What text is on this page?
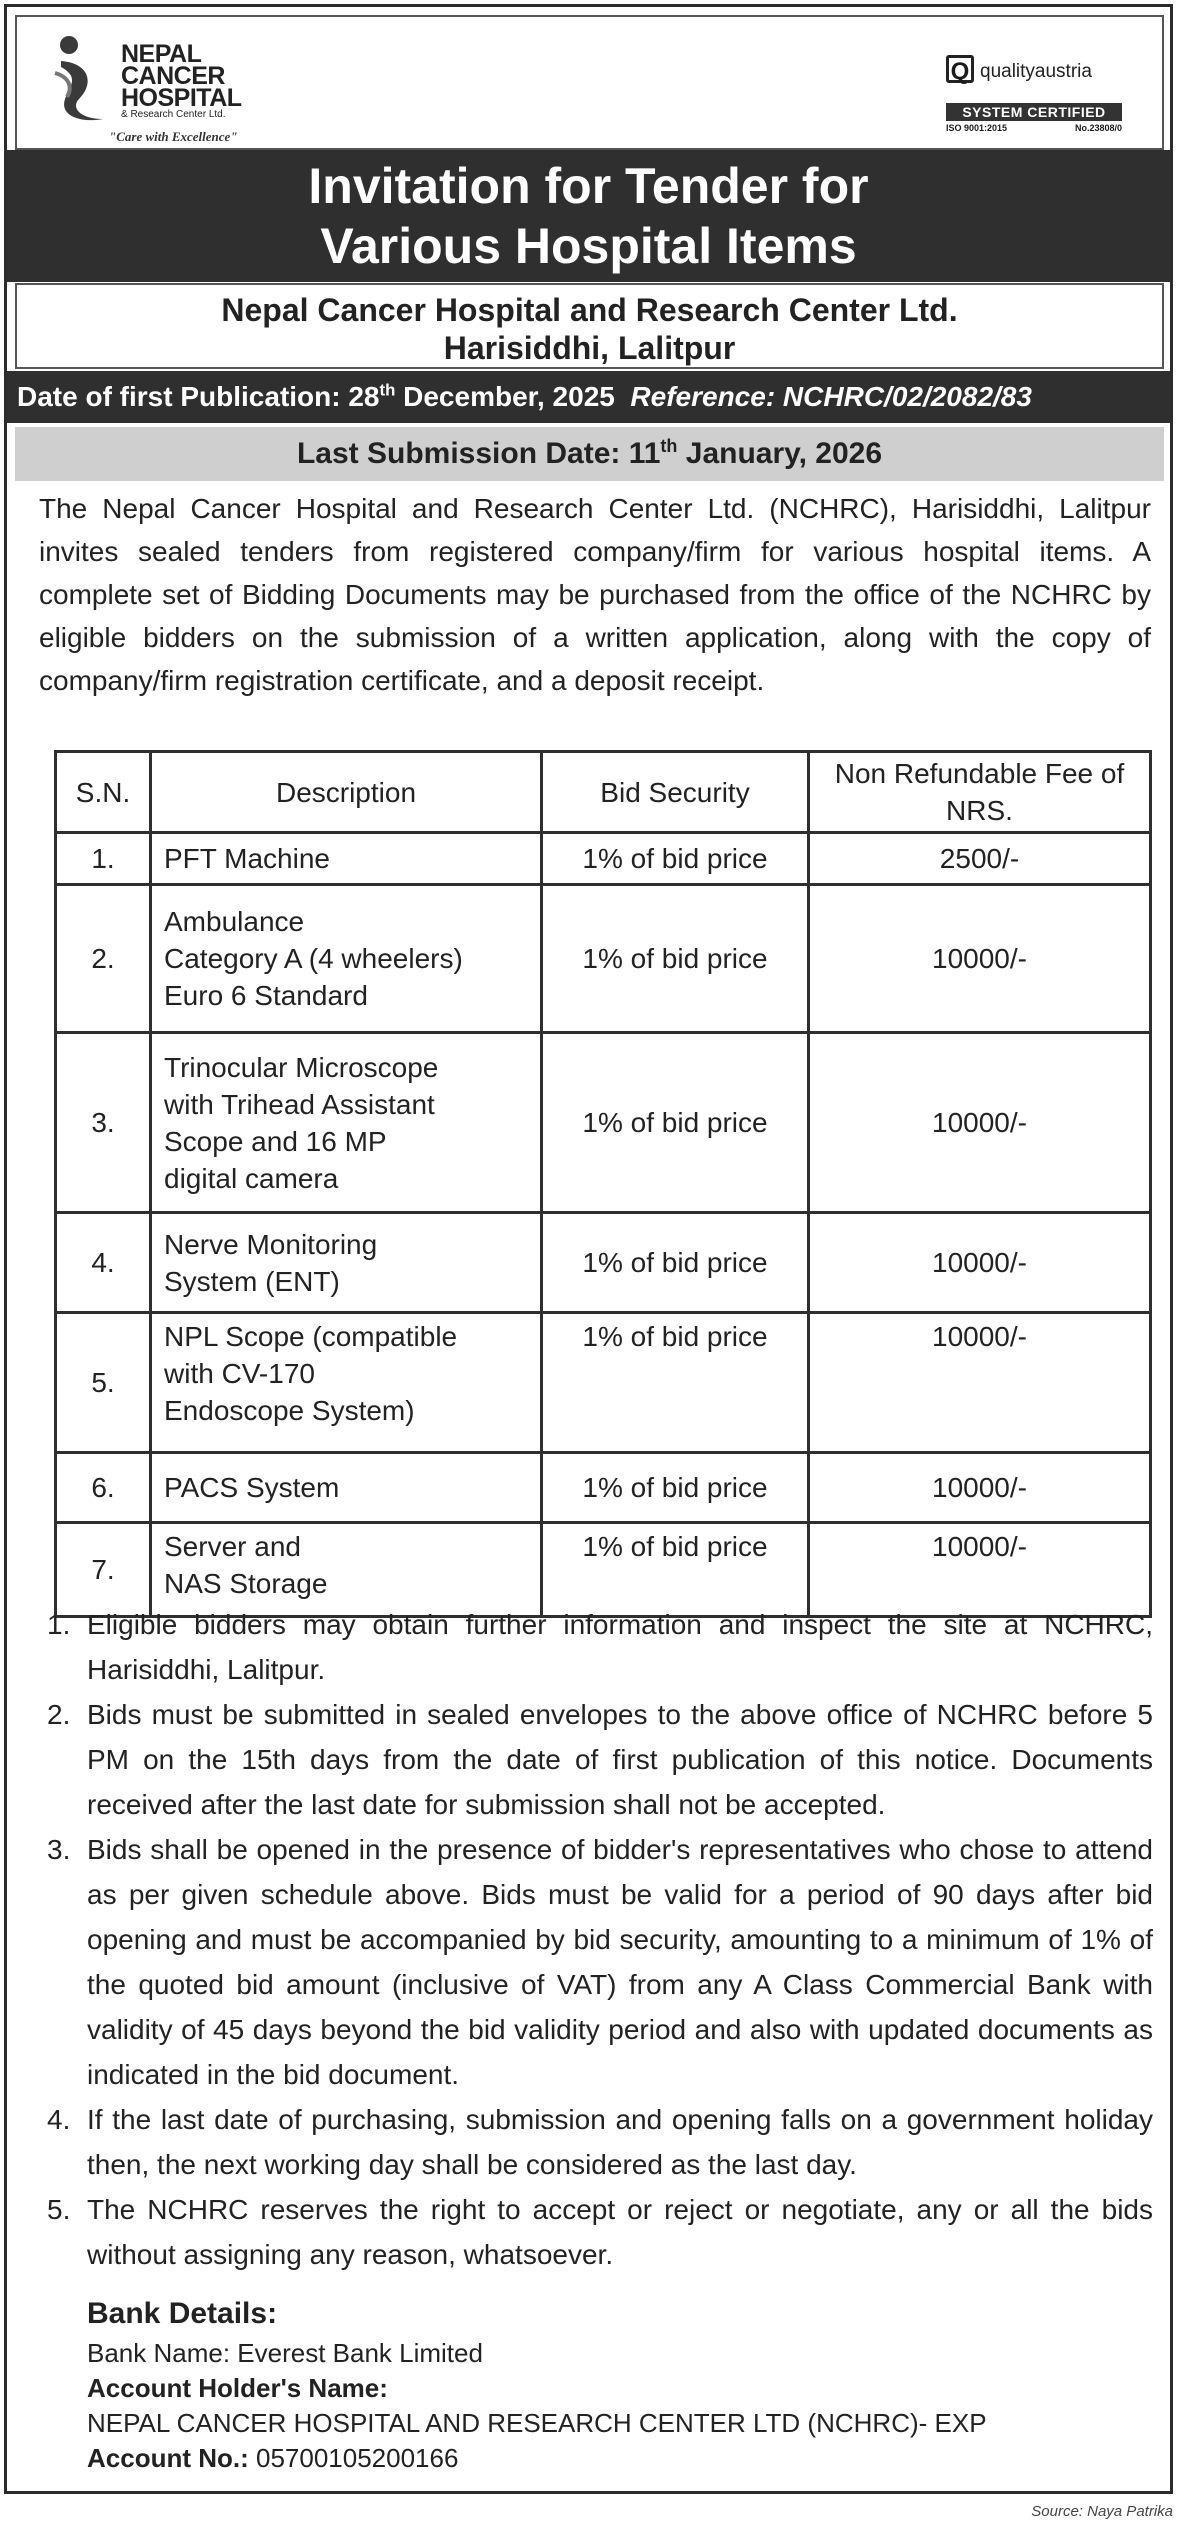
NEPAL
CANCER
HOSPITAL
& Research Center Ltd.
"Care with Excellence"
Q qualityaustria
SYSTEM CERTIFIED
ISO 9001:2015	No.23808/0
Invitation for Tender for
Various Hospital Items
Nepal Cancer Hospital and Research Center Ltd.
Harisiddhi, Lalitpur
Date of first Publication: 28th December, 2025 Reference: NCHRC/02/2082/83
Last Submission Date: 11th January, 2026
The Nepal Cancer Hospital and Research Center Ltd. (NCHRC), Harisiddhi, Lalitpur invites sealed tenders from registered company/firm for various hospital items. A complete set of Bidding Documents may be purchased from the office of the NCHRC by eligible bidders on the submission of a written application, along with the copy of company/firm registration certificate, and a deposit receipt.
S.N.	Description	Bid Security	Non Refundable Fee of NRS.
1.	PFT Machine	1% of bid price	2500/-
2.	Ambulance
Category A (4 wheelers)
Euro 6 Standard	1% of bid price	10000/-
3.	Trinocular Microscope
with Trihead Assistant
Scope and 16 MP
digital camera	1% of bid price	10000/-
4.	Nerve Monitoring
System (ENT)	1% of bid price	10000/-
5.	NPL Scope (compatible
with CV-170
Endoscope System)	1% of bid price	10000/-
6.	PACS System	1% of bid price	10000/-
7.	Server and
NAS Storage	1% of bid price	10000/-
1. Eligible bidders may obtain further information and inspect the site at NCHRC, Harisiddhi, Lalitpur.
2. Bids must be submitted in sealed envelopes to the above office of NCHRC before 5 PM on the 15th days from the date of first publication of this notice. Documents received after the last date for submission shall not be accepted.
3. Bids shall be opened in the presence of bidder's representatives who chose to attend as per given schedule above. Bids must be valid for a period of 90 days after bid opening and must be accompanied by bid security, amounting to a minimum of 1% of the quoted bid amount (inclusive of VAT) from any A Class Commercial Bank with validity of 45 days beyond the bid validity period and also with updated documents as indicated in the bid document.
4. If the last date of purchasing, submission and opening falls on a government holiday then, the next working day shall be considered as the last day.
5. The NCHRC reserves the right to accept or reject or negotiate, any or all the bids without assigning any reason, whatsoever.
Bank Details:
Bank Name: Everest Bank Limited
Account Holder's Name:
NEPAL CANCER HOSPITAL AND RESEARCH CENTER LTD (NCHRC)- EXP
Account No.: 05700105200166
Source: Naya Patrika
